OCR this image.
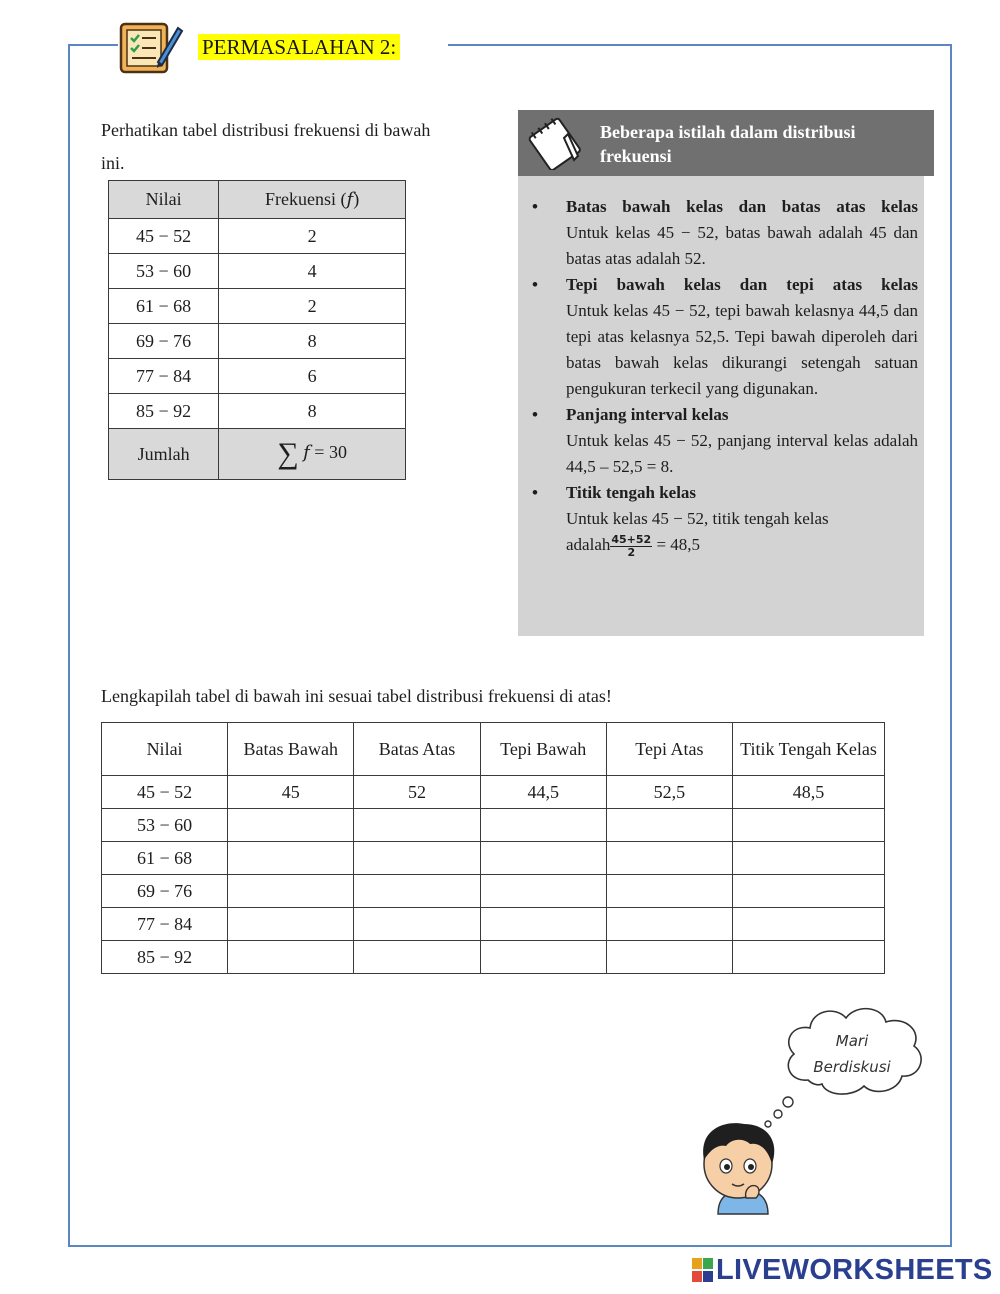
PERMASALAHAN 2:
Perhatikan tabel distribusi frekuensi di bawah ini.
Nilai	Frekuensi (𝑓)
45 − 52	2
53 − 60	4
61 − 68	2
69 − 76	8
77 − 84	6
85 − 92	8
Jumlah	∑ 𝑓 = 30
Beberapa istilah dalam distribusi frekuensi
• Batas bawah kelas dan batas atas kelas
Untuk kelas 45 − 52, batas bawah adalah 45 dan batas atas adalah 52.
• Tepi bawah kelas dan tepi atas kelas
Untuk kelas 45 − 52, tepi bawah kelasnya 44,5 dan tepi atas kelasnya 52,5. Tepi bawah diperoleh dari batas bawah kelas dikurangi setengah satuan pengukuran terkecil yang digunakan.
• Panjang interval kelas
Untuk kelas 45 − 52, panjang interval kelas adalah 44,5 – 52,5 = 8.
• Titik tengah kelas
Untuk kelas 45 − 52, titik tengah kelas
adalah $\frac{45+52}{2} = 48,5$
Lengkapilah tabel di bawah ini sesuai tabel distribusi frekuensi di atas!
Nilai	Batas Bawah	Batas Atas	Tepi Bawah	Tepi Atas	Titik Tengah Kelas
45 − 52	45	52	44,5	52,5	48,5
53 − 60					
61 − 68					
69 − 76					
77 − 84					
85 − 92					
Mari
Berdiskusi
LIVEWORKSHEETS
